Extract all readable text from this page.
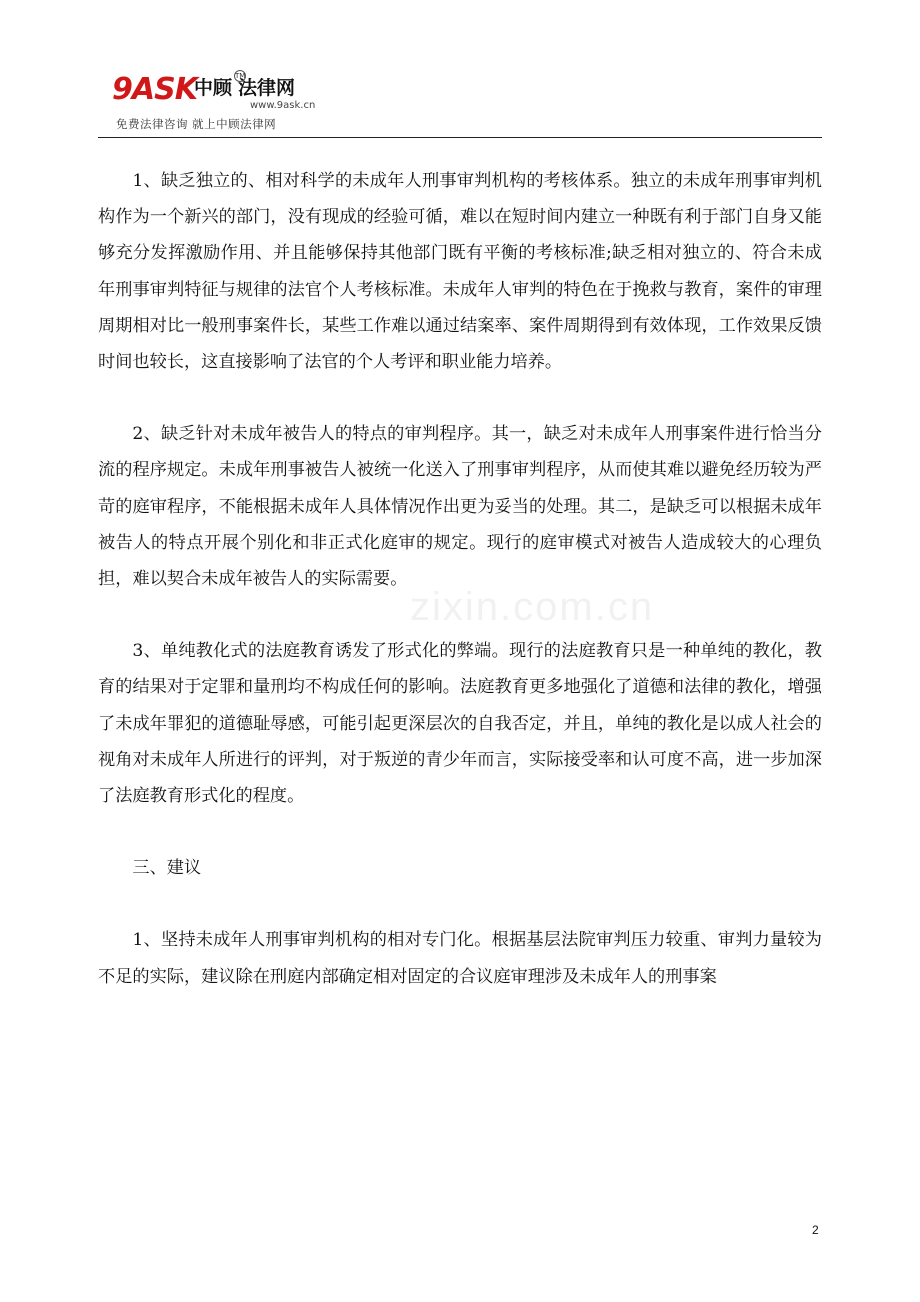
9ASK
中顾 法律网
TM
www.9ask.cn
免费法律咨询 就上中顾法律网
zixin.com.cn

1、缺乏独立的、相对科学的未成年人刑事审判机构的考核体系。独立的未成年刑事审判机构作为一个新兴的部门，没有现成的经验可循，难以在短时间内建立一种既有利于部门自身又能够充分发挥激励作用、并且能够保持其他部门既有平衡的考核标准;缺乏相对独立的、符合未成年刑事审判特征与规律的法官个人考核标准。未成年人审判的特色在于挽救与教育，案件的审理周期相对比一般刑事案件长，某些工作难以通过结案率、案件周期得到有效体现，工作效果反馈时间也较长，这直接影响了法官的个人考评和职业能力培养。

2、缺乏针对未成年被告人的特点的审判程序。其一，缺乏对未成年人刑事案件进行恰当分流的程序规定。未成年刑事被告人被统一化送入了刑事审判程序，从而使其难以避免经历较为严苛的庭审程序，不能根据未成年人具体情况作出更为妥当的处理。其二，是缺乏可以根据未成年被告人的特点开展个别化和非正式化庭审的规定。现行的庭审模式对被告人造成较大的心理负担，难以契合未成年被告人的实际需要。

3、单纯教化式的法庭教育诱发了形式化的弊端。现行的法庭教育只是一种单纯的教化，教育的结果对于定罪和量刑均不构成任何的影响。法庭教育更多地强化了道德和法律的教化，增强了未成年罪犯的道德耻辱感，可能引起更深层次的自我否定，并且，单纯的教化是以成人社会的视角对未成年人所进行的评判，对于叛逆的青少年而言，实际接受率和认可度不高，进一步加深了法庭教育形式化的程度。

三、建议

1、坚持未成年人刑事审判机构的相对专门化。根据基层法院审判压力较重、审判力量较为不足的实际，建议除在刑庭内部确定相对固定的合议庭审理涉及未成年人的刑事案

2
